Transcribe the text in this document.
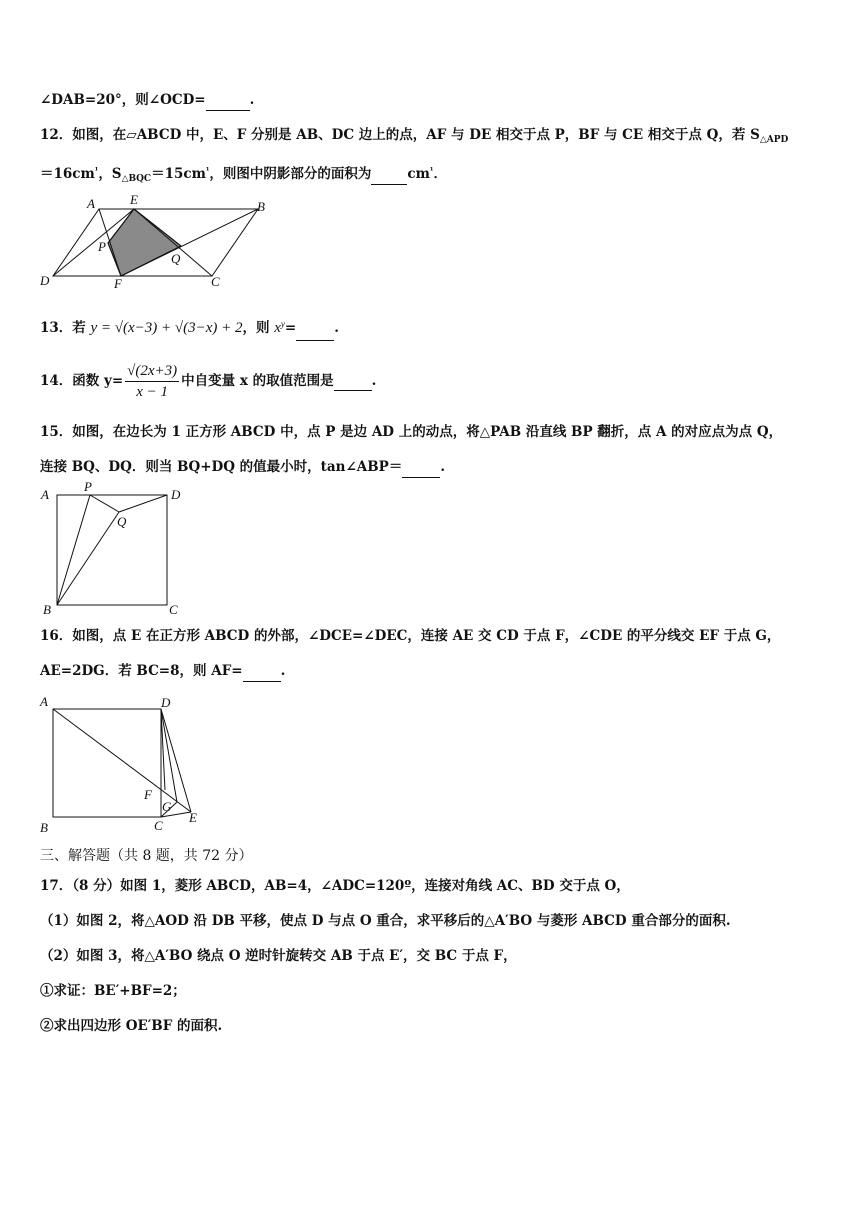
∠DAB=20°，则∠OCD=	.
12．如图，在▱ABCD 中，E、F 分别是 AB、DC 边上的点，AF 与 DE 相交于点 P，BF 与 CE 相交于点 Q，若 $S_{\triangle APD}$
$=16cm^{^1}$，$S_{\triangle BQC}=15cm^{^1}$，则图中阴影部分的面积为	$cm^{^1}$．
A	E	B
P
Q
D	F	C
13．若 y = √(x−3) + √(3−x) + 2，则 $x^y=$	.
14．函数 $y= \frac{√(2x+3)}{x - 1}$ 中自变量 x 的取值范围是	.
15．如图，在边长为 1 正方形 ABCD 中，点 P 是边 AD 上的动点，将△PAB 沿直线 BP 翻折，点 A 的对应点为点 Q，
连接 BQ、DQ．则当 BQ+DQ 的值最小时，tan∠ABP＝	.
A
P
D
Q
B	C
16．如图，点 E 在正方形 ABCD 的外部，∠DCE=∠DEC，连接 AE 交 CD 于点 F，∠CDE 的平分线交 EF 于点 G，
AE=2DG．若 BC=8，则 AF=	.
A	D
F
G
B	C
E
三、解答题（共 8 题，共 72 分）
17．（8 分）如图 1，菱形 ABCD，AB=4，∠ADC=120º，连接对角线 AC、BD 交于点 O，
（1）如图 2，将△AOD 沿 DB 平移，使点 D 与点 O 重合，求平移后的△A′BO 与菱形 ABCD 重合部分的面积.
（2）如图 3，将△A′BO 绕点 O 逆时针旋转交 AB 于点 E′，交 BC 于点 F，
①求证：BE′+BF=2；
②求出四边形 OE′BF 的面积.
